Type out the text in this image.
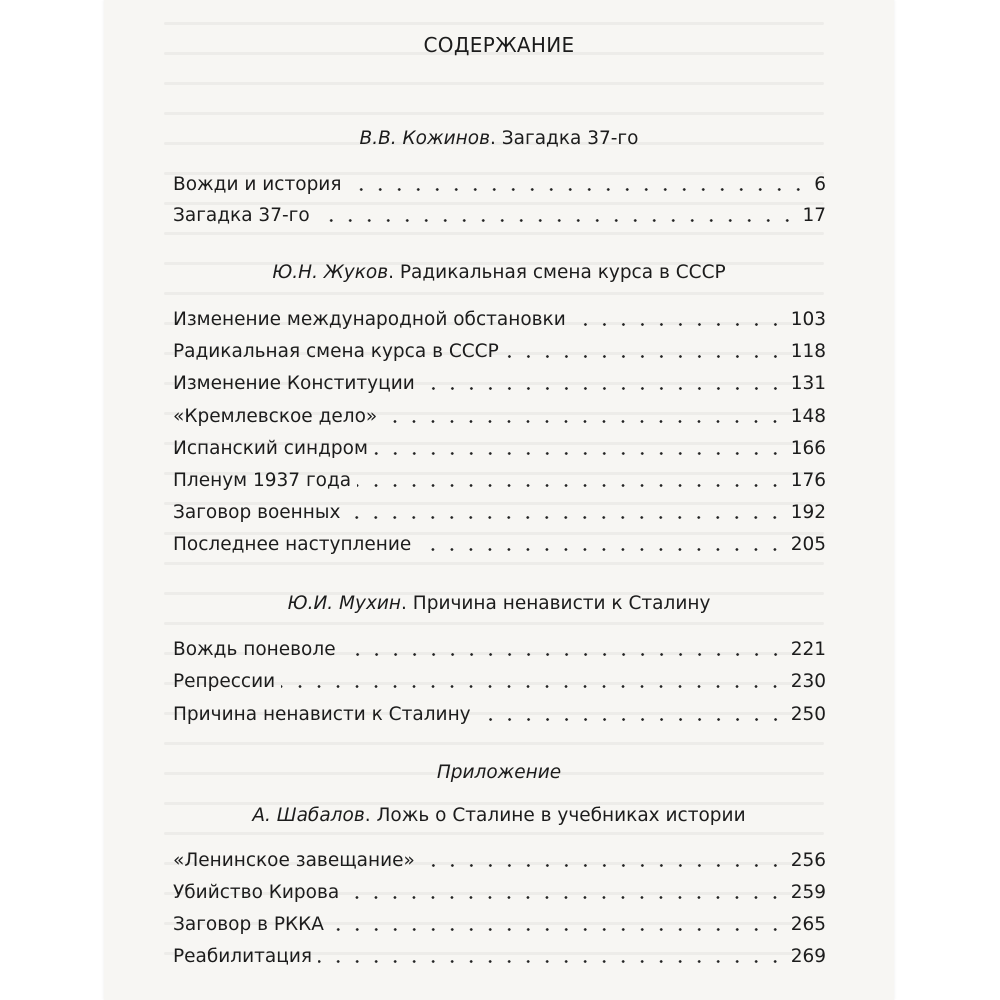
СОДЕРЖАНИЕ
В.В. Кожинов. Загадка 37-го
Вожди и история	6
Загадка 37-го	17
Ю.Н. Жуков. Радикальная смена курса в СССР
Изменение международной обстановки	103
Радикальная смена курса в СССР	118
Изменение Конституции	131
«Кремлевское дело»	148
Испанский синдром	166
Пленум 1937 года	176
Заговор военных	192
Последнее наступление	205
Ю.И. Мухин. Причина ненависти к Сталину
Вождь поневоле	221
Репрессии	230
Причина ненависти к Сталину	250
Приложение
А. Шабалов. Ложь о Сталине в учебниках истории
«Ленинское завещание»	256
Убийство Кирова	259
Заговор в РККА	265
Реабилитация	269
